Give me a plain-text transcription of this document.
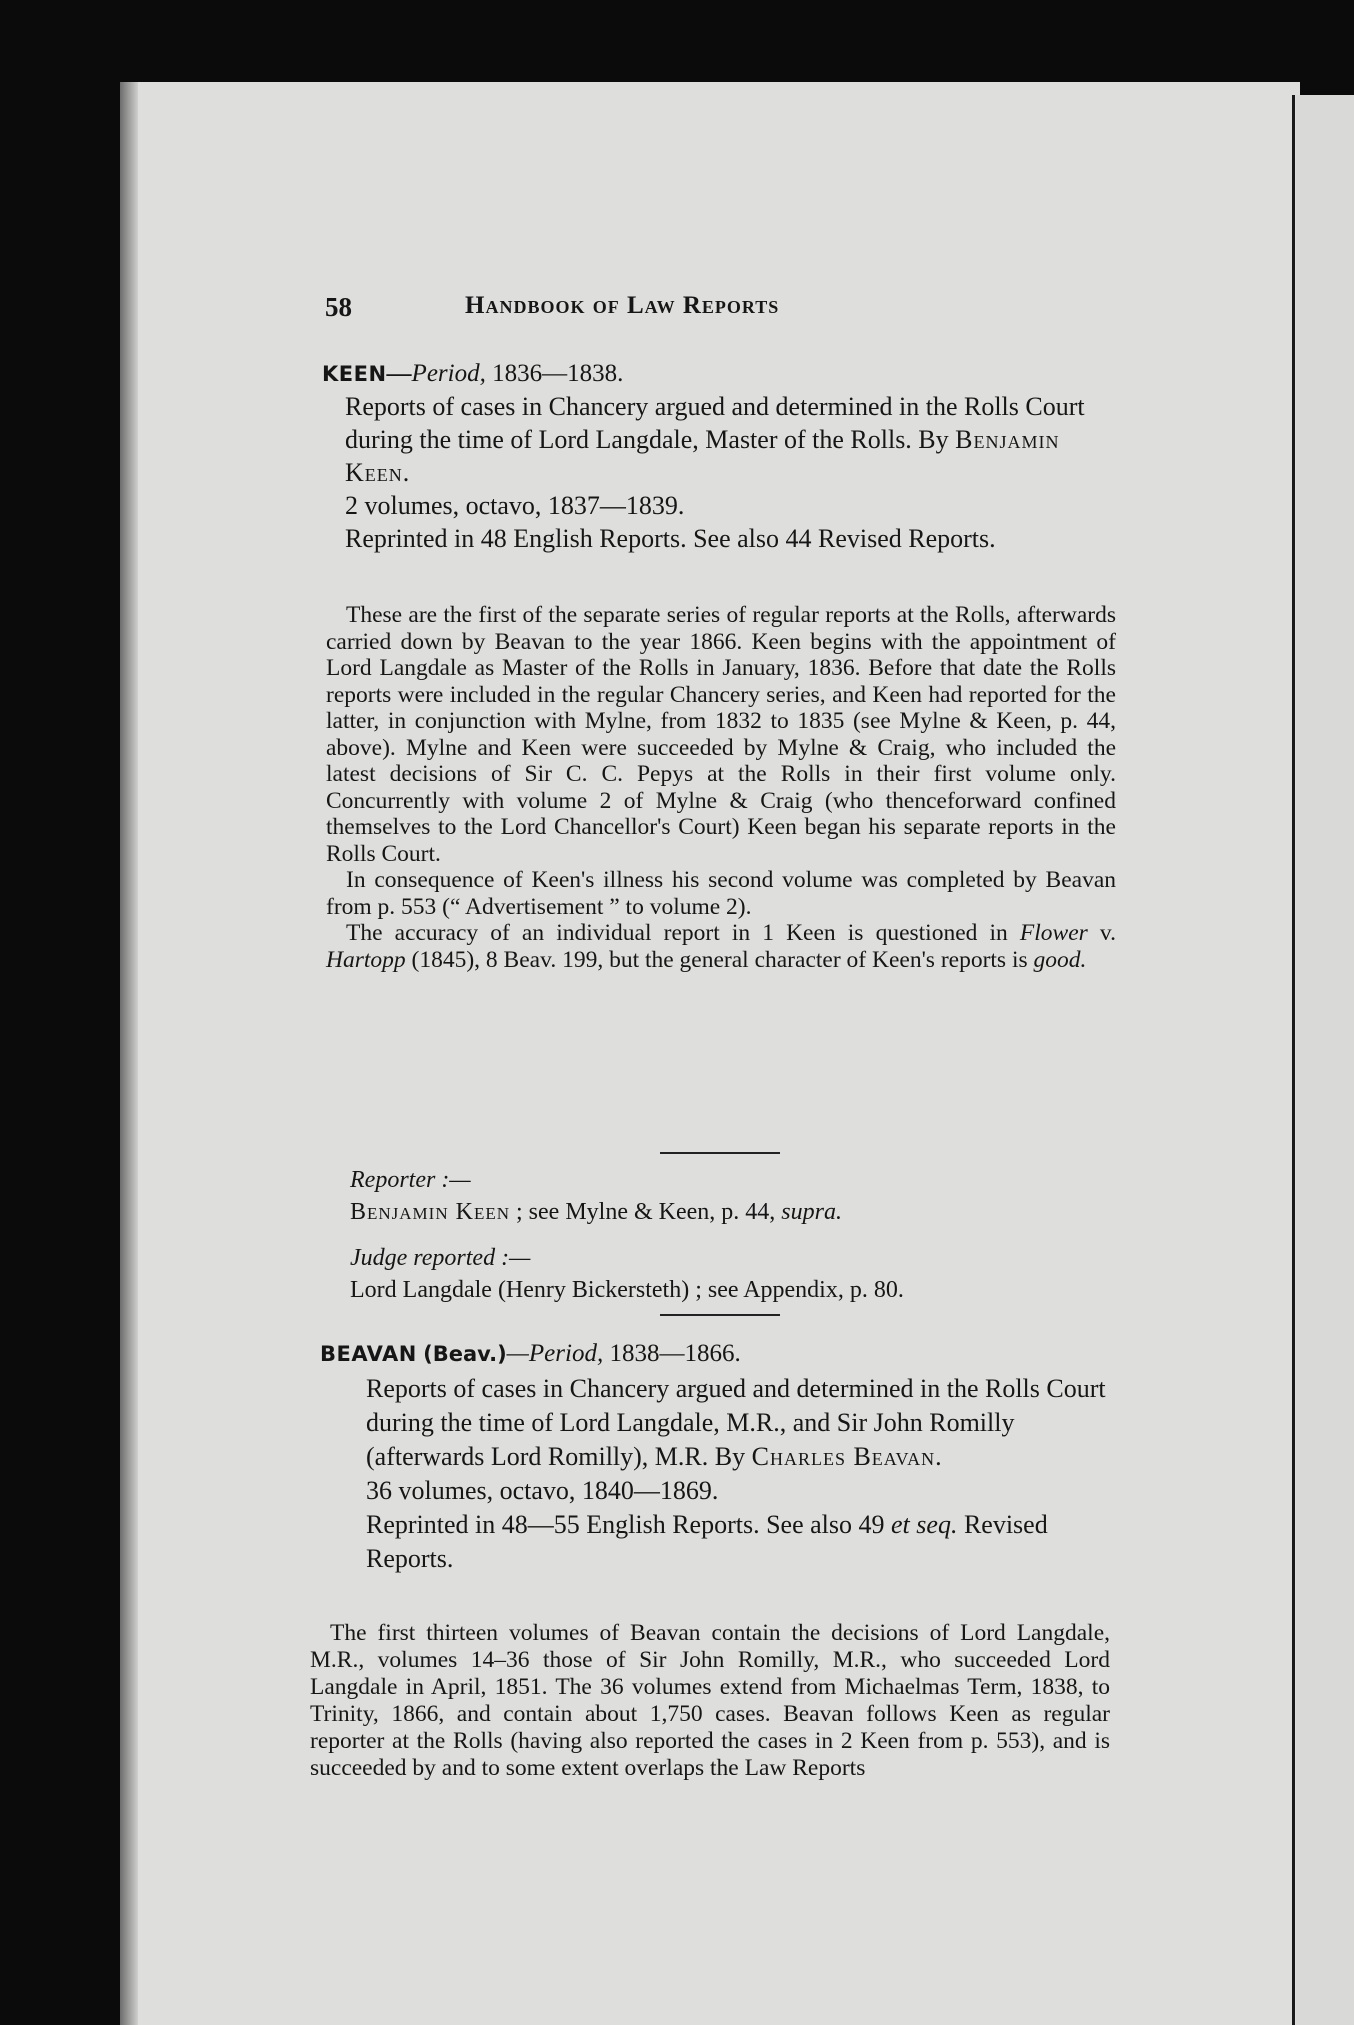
58	Handbook of Law Reports
KEEN—Period, 1836—1838.

Reports of cases in Chancery argued and determined in the Rolls Court during the time of Lord Langdale, Master of the Rolls. By Benjamin Keen.

2 volumes, octavo, 1837—1839.

Reprinted in 48 English Reports. See also 44 Revised Reports.

These are the first of the separate series of regular reports at the Rolls, afterwards carried down by Beavan to the year 1866. Keen begins with the appointment of Lord Langdale as Master of the Rolls in January, 1836. Before that date the Rolls reports were included in the regular Chancery series, and Keen had reported for the latter, in conjunction with Mylne, from 1832 to 1835 (see Mylne & Keen, p. 44, above). Mylne and Keen were succeeded by Mylne & Craig, who included the latest decisions of Sir C. C. Pepys at the Rolls in their first volume only. Concurrently with volume 2 of Mylne & Craig (who thenceforward confined themselves to the Lord Chancellor's Court) Keen began his separate reports in the Rolls Court.

In consequence of Keen's illness his second volume was completed by Beavan from p. 553 (“ Advertisement ” to volume 2).

The accuracy of an individual report in 1 Keen is questioned in Flower v. Hartopp (1845), 8 Beav. 199, but the general character of Keen's reports is good.

Reporter :—
Benjamin Keen ; see Mylne & Keen, p. 44, supra.
Judge reported :—
Lord Langdale (Henry Bickersteth) ; see Appendix, p. 80.
BEAVAN (Beav.)—Period, 1838—1866.

Reports of cases in Chancery argued and determined in the Rolls Court during the time of Lord Langdale, M.R., and Sir John Romilly (afterwards Lord Romilly), M.R. By Charles Beavan.

36 volumes, octavo, 1840—1869.

Reprinted in 48—55 English Reports. See also 49 et seq. Revised Reports.

The first thirteen volumes of Beavan contain the decisions of Lord Langdale, M.R., volumes 14–36 those of Sir John Romilly, M.R., who succeeded Lord Langdale in April, 1851. The 36 volumes extend from Michaelmas Term, 1838, to Trinity, 1866, and contain about 1,750 cases. Beavan follows Keen as regular reporter at the Rolls (having also reported the cases in 2 Keen from p. 553), and is succeeded by and to some extent overlaps the Law Reports
